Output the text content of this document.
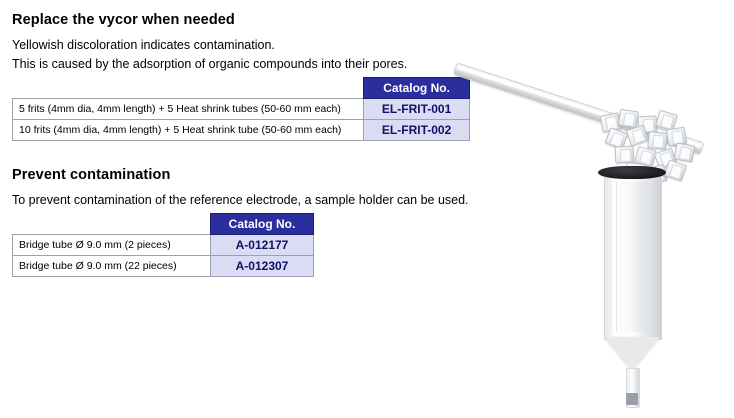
Replace the vycor when needed

Yellowish discoloration indicates contamination.

This is caused by the adsorption of organic compounds into their pores.

	Catalog No.
5 frits (4mm dia, 4mm length) + 5 Heat shrink tubes (50-60 mm each)	EL-FRIT-001
10 frits (4mm dia, 4mm length) + 5 Heat shrink tube (50-60 mm each)	EL-FRIT-002
Prevent contamination

To prevent contamination of the reference electrode, a sample holder can be used.

	Catalog No.
Bridge tube Ø 9.0 mm (2 pieces)	A-012177
Bridge tube Ø 9.0 mm (22 pieces)	A-012307
